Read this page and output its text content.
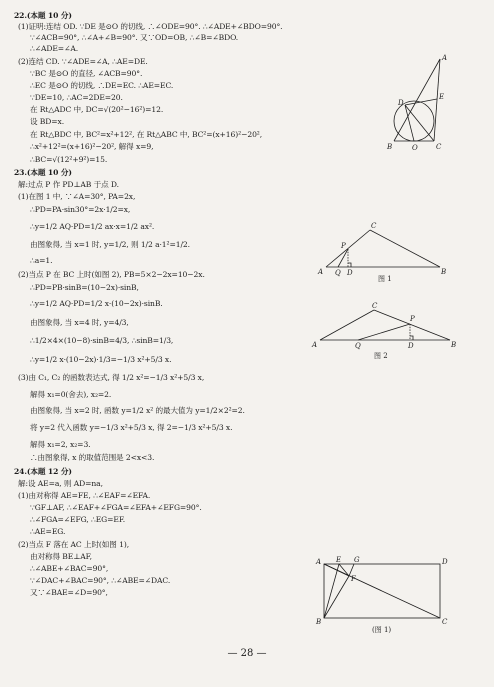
22.(本题 10 分)
(1)证明:连结 OD. ∵DE 是⊙O 的切线, ∴∠ODE=90°. ∴∠ADE+∠BDO=90°.
∵∠ACB=90°, ∴∠A+∠B=90°. 又∵OD=OB, ∴∠B=∠BDO.
∴∠ADE=∠A.
(2)连结 CD. ∵∠ADE=∠A, ∴AE=DE.
∵BC 是⊙O 的直径, ∠ACB=90°.
∴EC 是⊙O 的切线, ∴DE=EC. ∴AE=EC.
∵DE=10, ∴AC=2DE=20.
在 Rt△ADC 中, DC=√(20²−16²)=12.
设 BD=x.
在 Rt△BDC 中, BC²=x²+12², 在 Rt△ABC 中, BC²=(x+16)²−20²,
∴x²+12²=(x+16)²−20², 解得 x=9,
∴BC=√(12²+9²)=15.
23.(本题 10 分)
解:过点 P 作 PD⊥AB 于点 D.
(1)在图 1 中, ∵∠A=30°, PA=2x,
∴PD=PA·sin30°=2x·1/2=x,
∴y=1/2 AQ·PD=1/2 ax·x=1/2 ax².
由图象得, 当 x=1 时, y=1/2, 则 1/2 a·1²=1/2.
∴a=1.
(2)当点 P 在 BC 上时(如图 2), PB=5×2−2x=10−2x.
∴PD=PB·sinB=(10−2x)·sinB,
∴y=1/2 AQ·PD=1/2 x·(10−2x)·sinB.
由图象得, 当 x=4 时, y=4/3,
∴1/2×4×(10−8)·sinB=4/3, ∴sinB=1/3,
∴y=1/2 x·(10−2x)·1/3=−1/3 x²+5/3 x.
(3)由 C₁, C₂ 的函数表达式, 得 1/2 x²=−1/3 x²+5/3 x,
解得 x₁=0(舍去), x₂=2.
由图象得, 当 x=2 时, 函数 y=1/2 x² 的最大值为 y=1/2×2²=2.
将 y=2 代入函数 y=−1/3 x²+5/3 x, 得 2=−1/3 x²+5/3 x.
解得 x₁=2, x₂=3.
∴由图象得, x 的取值范围是 2<x<3.
24.(本题 12 分)
解:设 AE=a, 则 AD=na,
(1)由对称得 AE=FE, ∴∠EAF=∠EFA.
∵GF⊥AF, ∴∠EAF+∠FGA=∠EFA+∠EFG=90°.
∴∠FGA=∠EFG, ∴EG=EF.
∴AE=EG.
(2)当点 F 落在 AC 上时(如图 1),
由对称得 BE⊥AF,
∴∠ABE+∠BAC=90°,
∵∠DAC+∠BAC=90°, ∴∠ABE=∠DAC.
又∵∠BAE=∠D=90°,
A
E
D
C
B	O
A Q D
P
C
B
图 1
A	Q	D
P
C
B
图 2
A E G	D
F
B	C
(图 1)
— 28 —
